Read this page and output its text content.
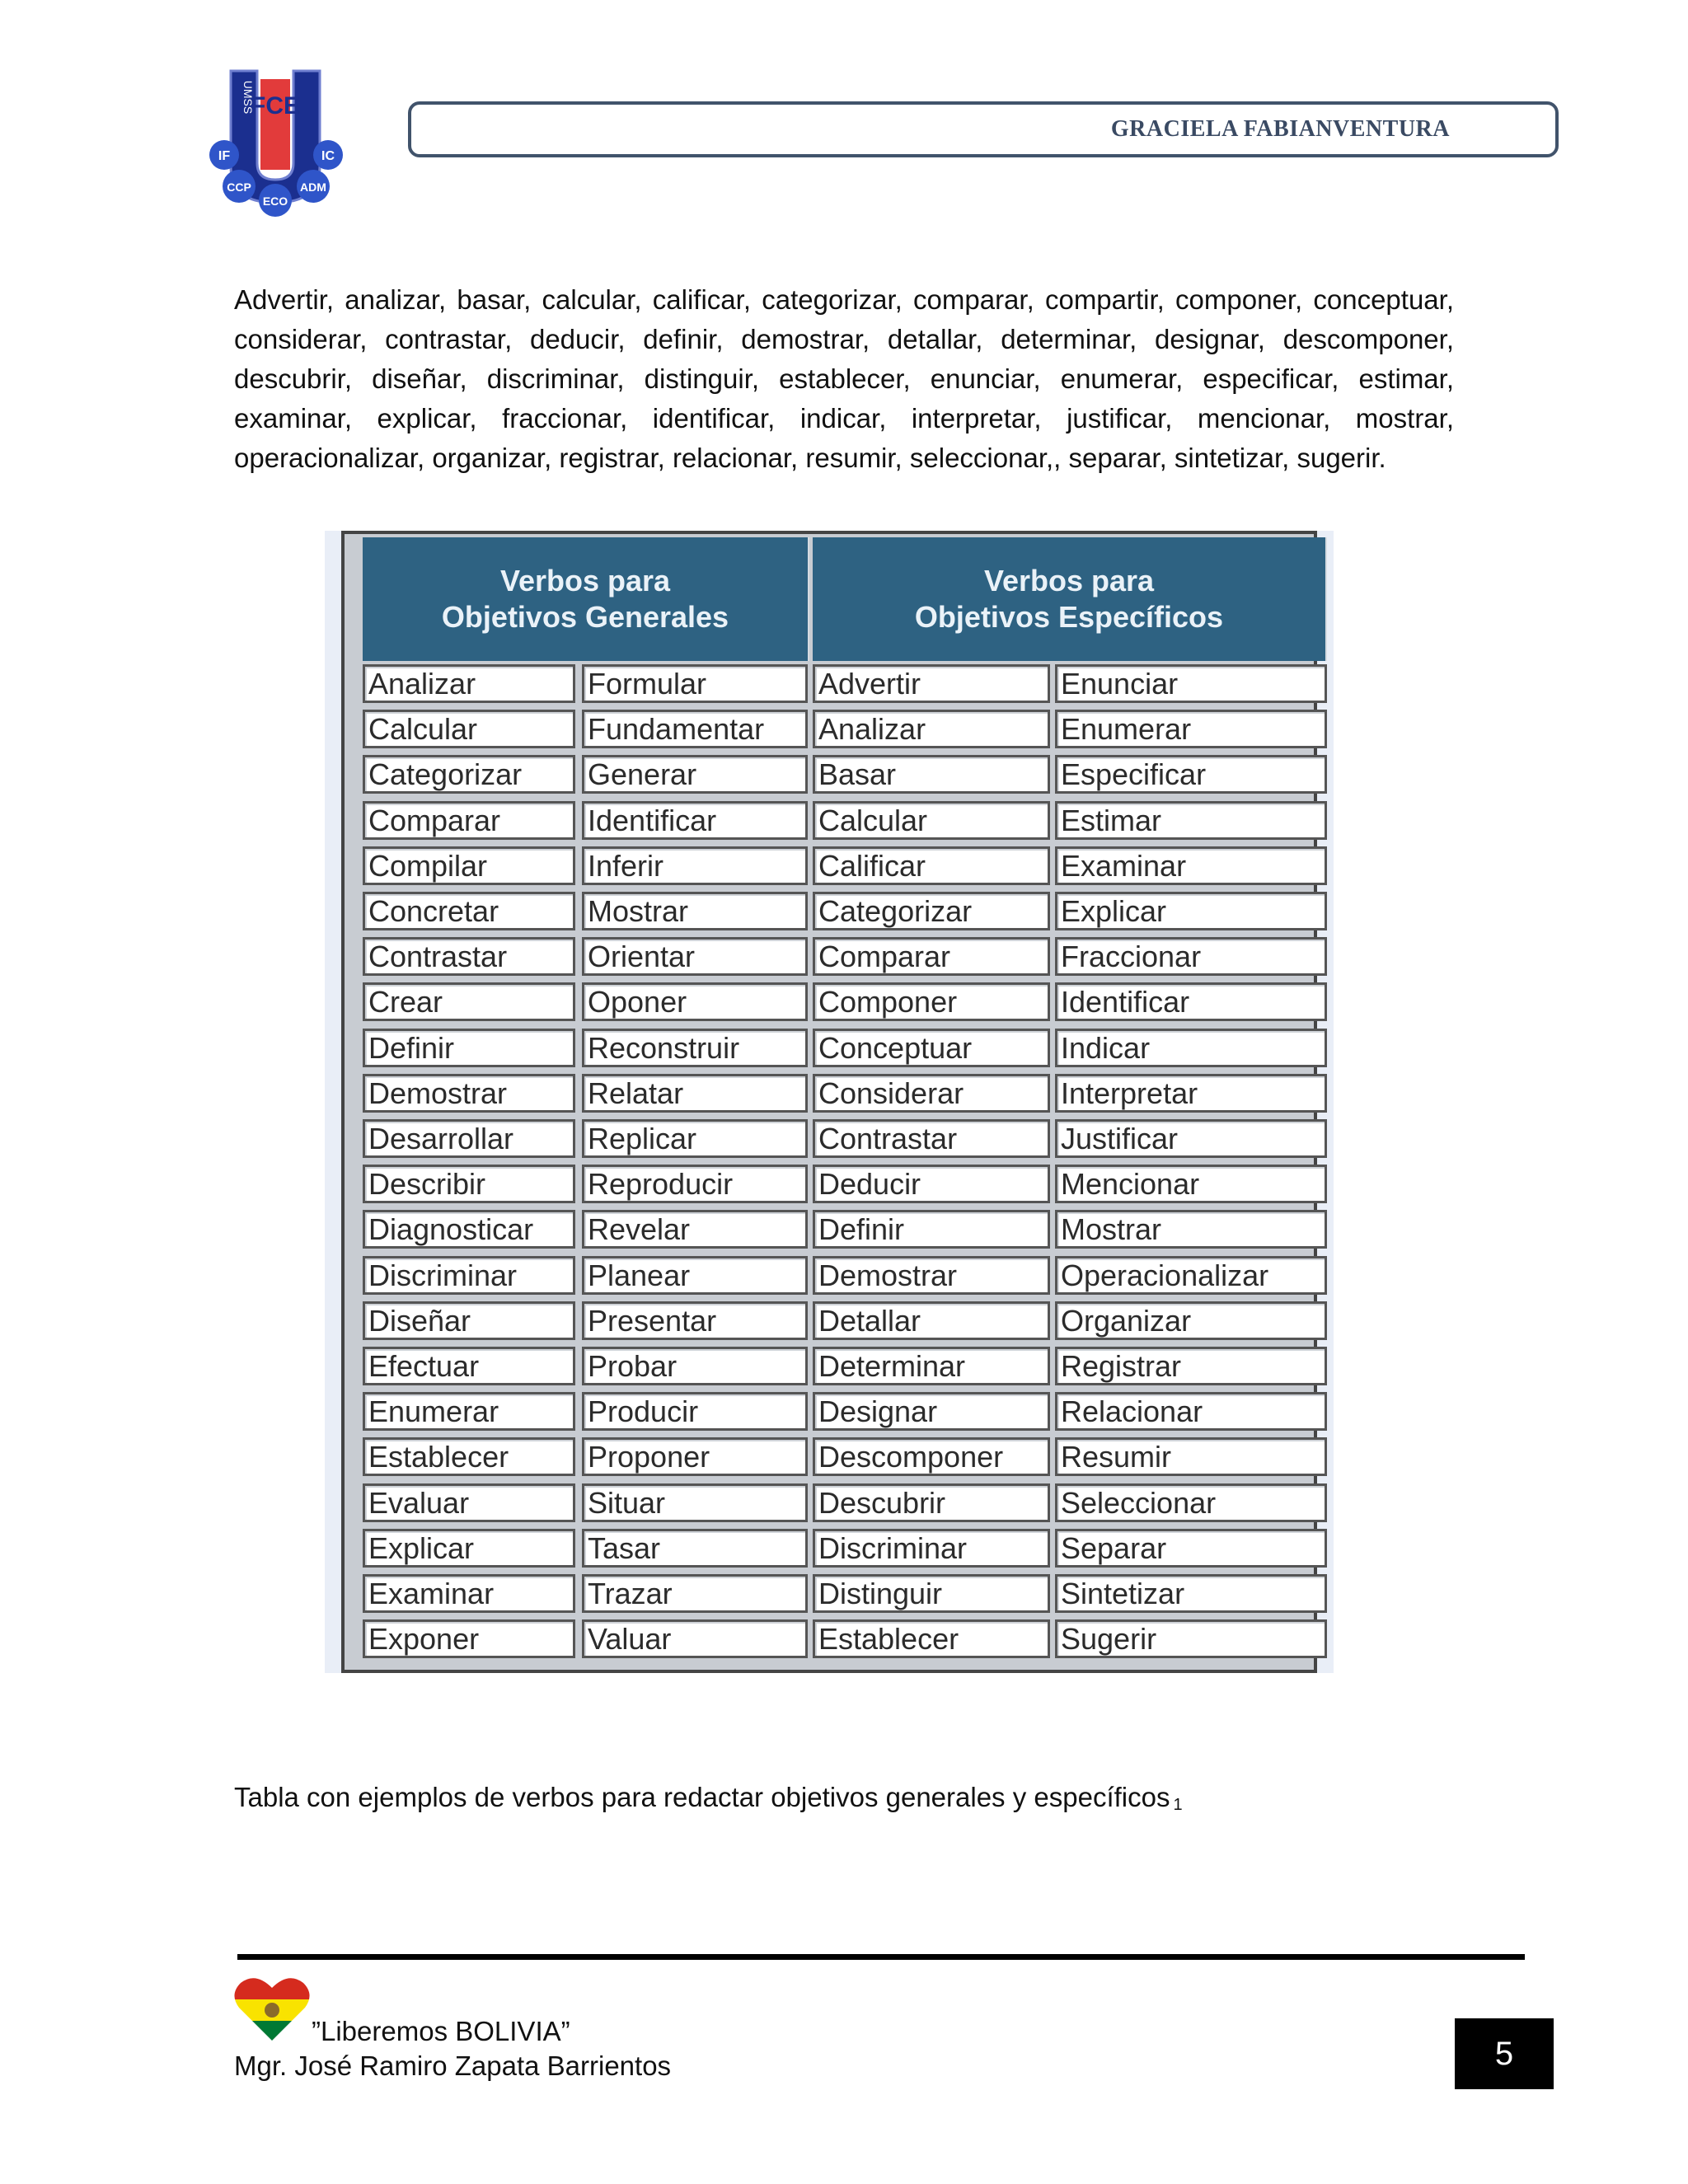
FCE
UMSS
IF	IC
CCP
ECO
ADM
GRACIELA FABIANVENTURA
Advertir, analizar, basar, calcular, calificar, categorizar, comparar, compartir, componer, conceptuar, considerar, contrastar, deducir, definir, demostrar, detallar, determinar, designar, descomponer, descubrir, diseñar, discriminar, distinguir, establecer, enunciar, enumerar, especificar, estimar, examinar, explicar, fraccionar, identificar, indicar, interpretar, justificar, mencionar, mostrar, operacionalizar, organizar, registrar, relacionar, resumir, seleccionar,, separar, sintetizar, sugerir.
Verbos para
Objetivos Generales
Verbos para
Objetivos Específicos
Analizar
Calcular
Categorizar
Comparar
Compilar
Concretar
Contrastar
Crear
Definir
Demostrar
Desarrollar
Describir
Diagnosticar
Discriminar
Diseñar
Efectuar
Enumerar
Establecer
Evaluar
Explicar
Examinar
Exponer
Formular
Fundamentar
Generar
Identificar
Inferir
Mostrar
Orientar
Oponer
Reconstruir
Relatar
Replicar
Reproducir
Revelar
Planear
Presentar
Probar
Producir
Proponer
Situar
Tasar
Trazar
Valuar
Advertir
Analizar
Basar
Calcular
Calificar
Categorizar
Comparar
Componer
Conceptuar
Considerar
Contrastar
Deducir
Definir
Demostrar
Detallar
Determinar
Designar
Descomponer
Descubrir
Discriminar
Distinguir
Establecer
Enunciar
Enumerar
Especificar
Estimar
Examinar
Explicar
Fraccionar
Identificar
Indicar
Interpretar
Justificar
Mencionar
Mostrar
Operacionalizar
Organizar
Registrar
Relacionar
Resumir
Seleccionar
Separar
Sintetizar
Sugerir
Tabla con ejemplos de verbos para redactar objetivos generales y específicos $_1$
”Liberemos BOLIVIA”
Mgr. José Ramiro Zapata Barrientos	5
